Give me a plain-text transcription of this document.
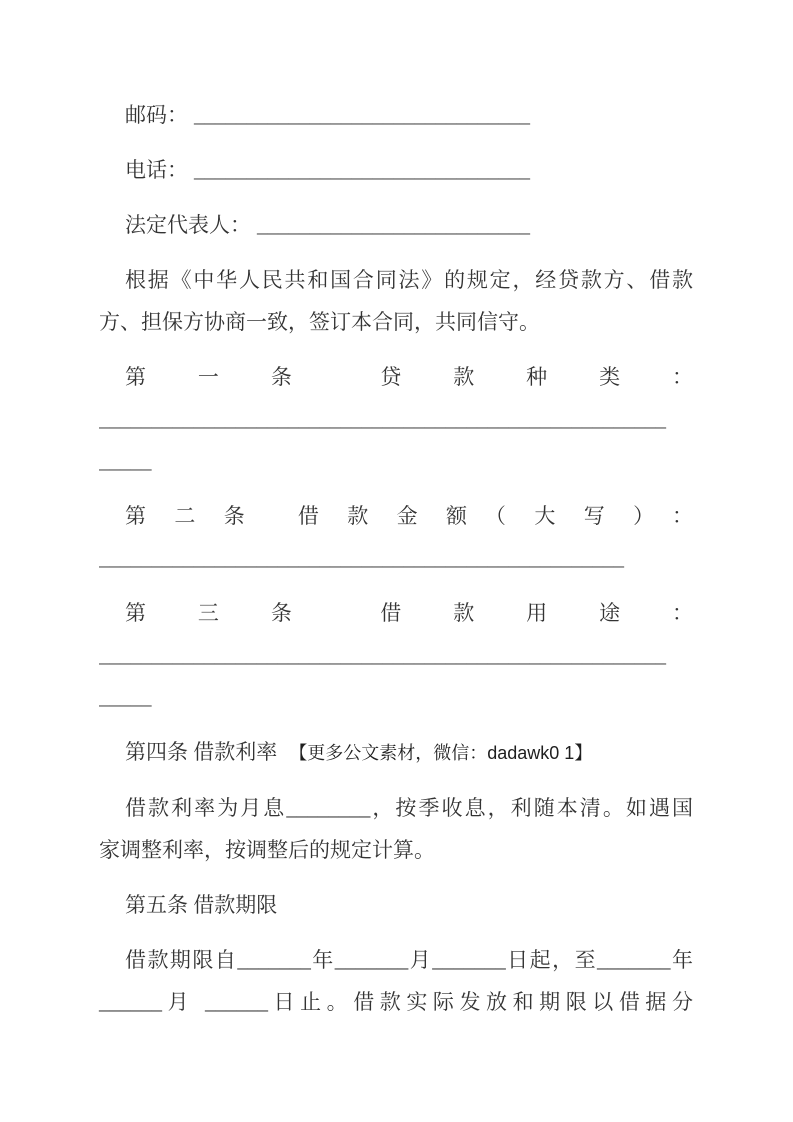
邮码： ________________________________
电话： ________________________________
法定代表人： __________________________
根据《中华人民共和国合同法》的规定，经贷款方、借款
方、担保方协商一致，签订本合同，共同信守。
第　一　条　　贷　款　种　类　：
______________________________________________________
_____
第　二　条　　借　款　金　额　（　大　写　）　：
__________________________________________________
第　三　条　　借　款　用　途　：
______________________________________________________
_____
第四条 借款利率 【更多公文素材，微信：dadawk0 1】
借款利率为月息________，按季收息，利随本清。如遇国
家调整利率，按调整后的规定计算。
第五条 借款期限
借款期限自_______年_______月_______日起，至_______年
______月 ______日止。借款实际发放和期限以借据分
